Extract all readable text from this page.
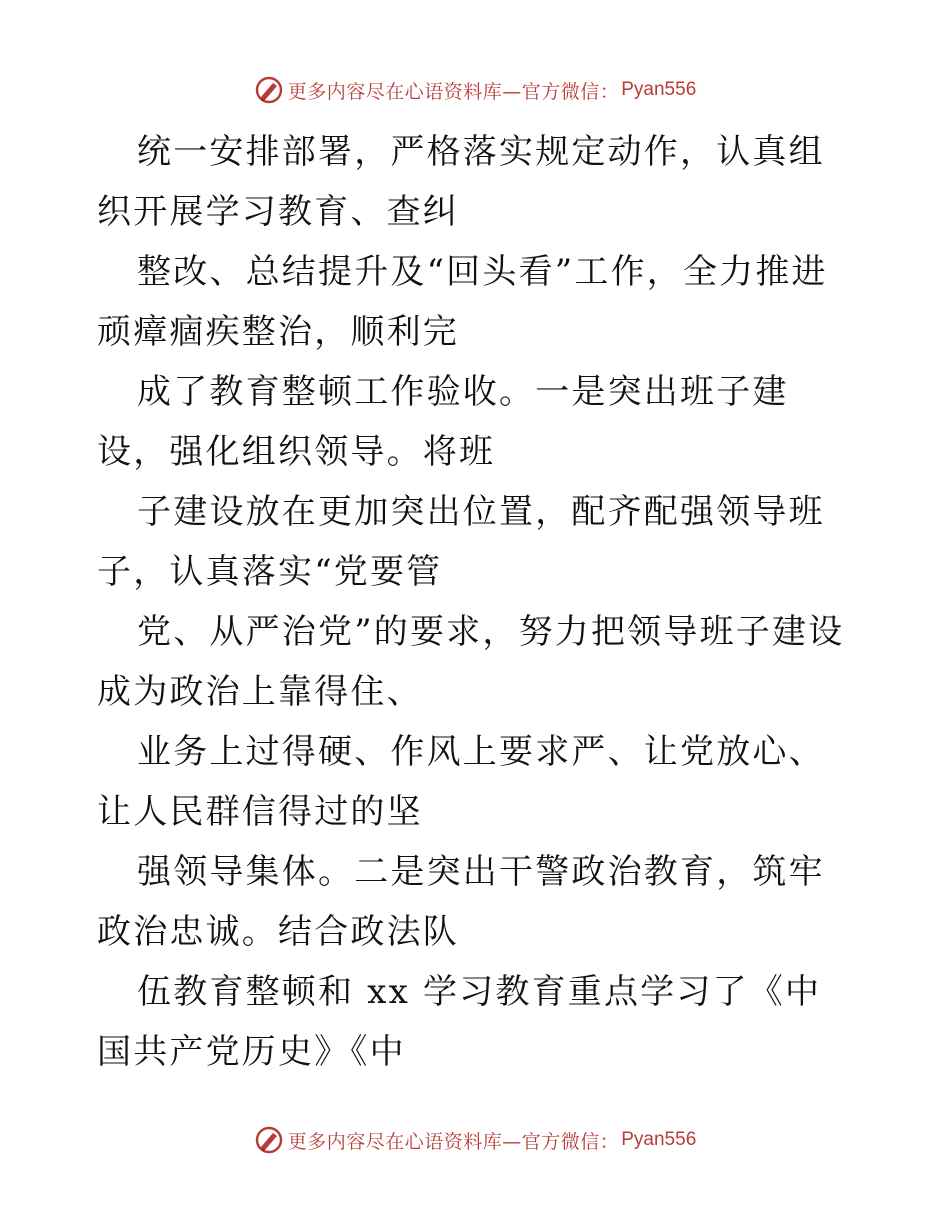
更多内容尽在心语资料库—官方微信： Pyan556

统一安排部署，严格落实规定动作，认真组织开展学习教育、查纠

整改、总结提升及“回头看”工作，全力推进顽瘴痼疾整治，顺利完

成了教育整顿工作验收。一是突出班子建设，强化组织领导。将班

子建设放在更加突出位置，配齐配强领导班子，认真落实“党要管

党、从严治党”的要求，努力把领导班子建设成为政治上靠得住、

业务上过得硬、作风上要求严、让党放心、让人民群信得过的坚

强领导集体。二是突出干警政治教育，筑牢政治忠诚。结合政法队

伍教育整顿和 xx 学习教育重点学习了《中国共产党历史》《中

更多内容尽在心语资料库—官方微信： Pyan556
